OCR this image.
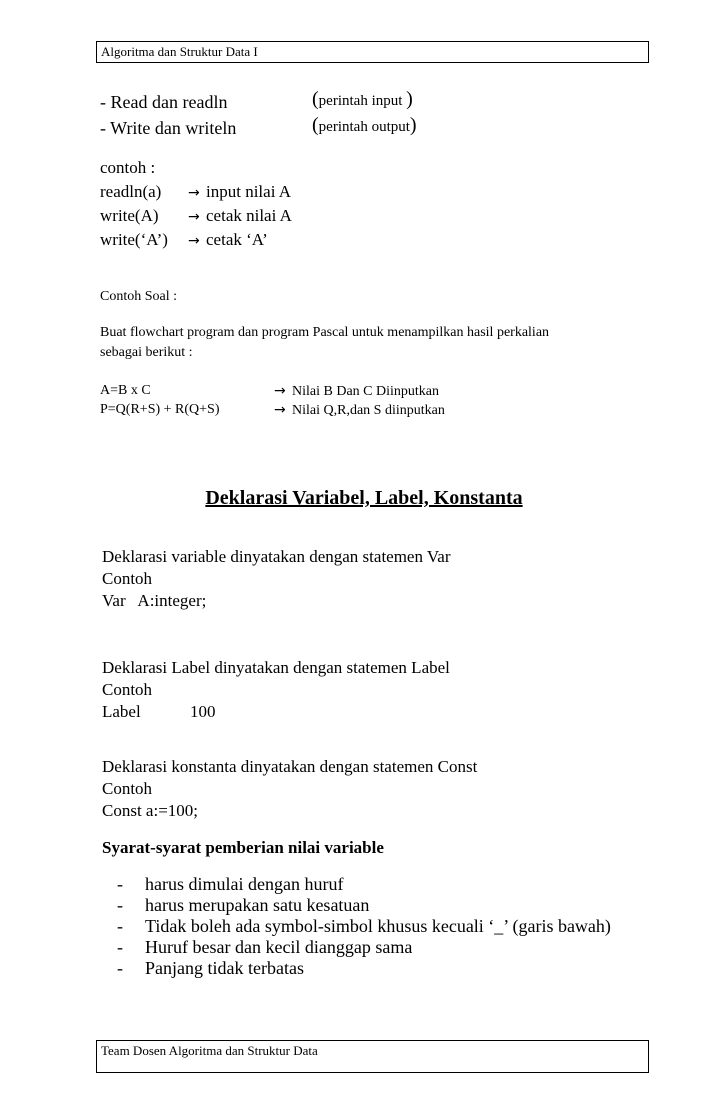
Algoritma dan Struktur Data I
- Read dan readln	(perintah input )
- Write dan writeln	(perintah output)
contoh :
readln(a) → input nilai A
write(A) → cetak nilai A
write(‘A’) → cetak ‘A’
Contoh Soal :
Buat flowchart program dan program Pascal untuk menampilkan hasil perkalian
sebagai berikut :
A=B x C	→ Nilai B Dan C Diinputkan
P=Q(R+S) + R(Q+S)	→ Nilai Q,R,dan S diinputkan
Deklarasi Variabel, Label, Konstanta
Deklarasi variable dinyatakan dengan statemen Var
Contoh
Var   A:integer;
Deklarasi Label dinyatakan dengan statemen Label
Contoh
Label	100
Deklarasi konstanta dinyatakan dengan statemen Const
Contoh
Const a:=100;
Syarat-syarat pemberian nilai variable
- harus dimulai dengan huruf
- harus merupakan satu kesatuan
- Tidak boleh ada symbol-simbol khusus kecuali ‘_’ (garis bawah)
- Huruf besar dan kecil dianggap sama
- Panjang tidak terbatas
Team Dosen Algoritma dan Struktur Data
